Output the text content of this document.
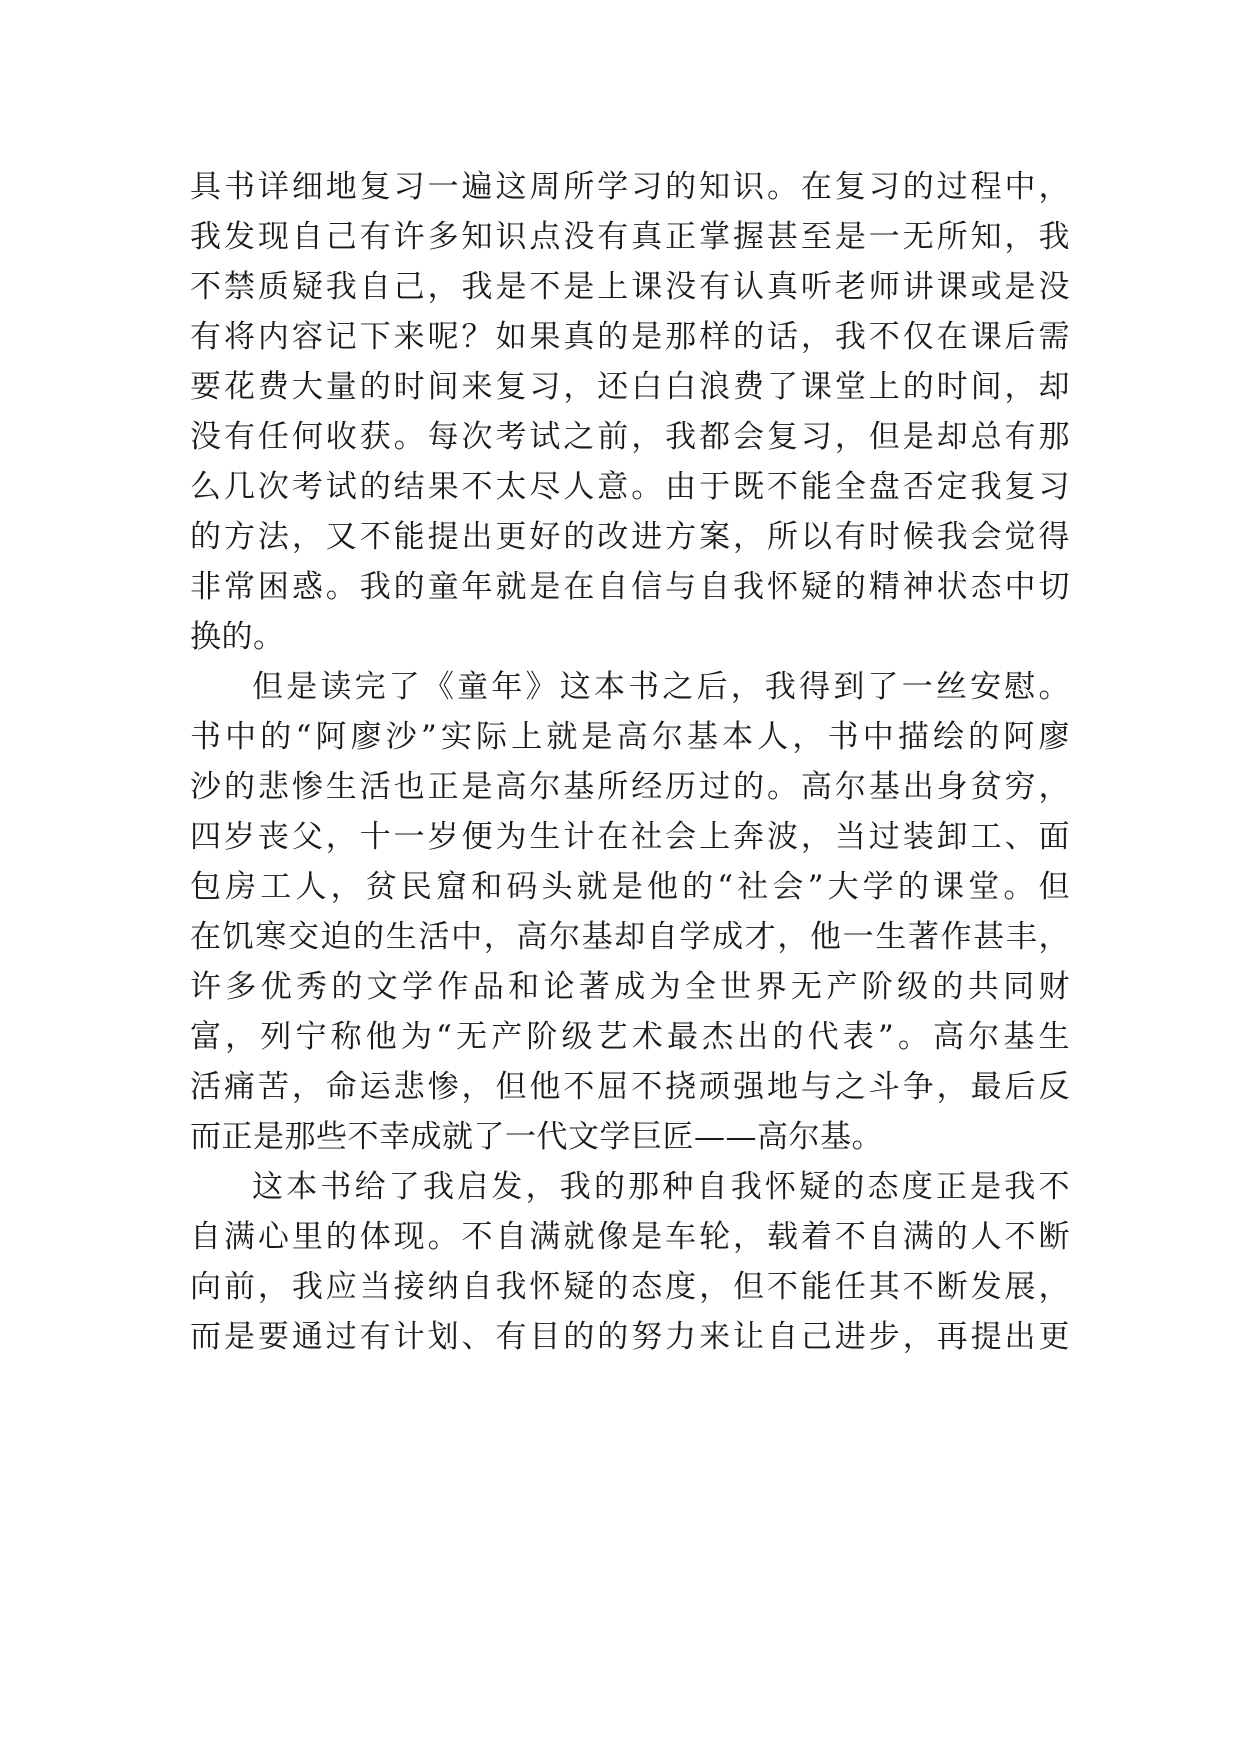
具书详细地复习一遍这周所学习的知识。在复习的过程中，
我发现自己有许多知识点没有真正掌握甚至是一无所知，我
不禁质疑我自己，我是不是上课没有认真听老师讲课或是没
有将内容记下来呢？如果真的是那样的话，我不仅在课后需
要花费大量的时间来复习，还白白浪费了课堂上的时间，却
没有任何收获。每次考试之前，我都会复习，但是却总有那
么几次考试的结果不太尽人意。由于既不能全盘否定我复习
的方法，又不能提出更好的改进方案，所以有时候我会觉得
非常困惑。我的童年就是在自信与自我怀疑的精神状态中切
换的。
但是读完了《童年》这本书之后，我得到了一丝安慰。
书中的“阿廖沙”实际上就是高尔基本人，书中描绘的阿廖
沙的悲惨生活也正是高尔基所经历过的。高尔基出身贫穷，
四岁丧父，十一岁便为生计在社会上奔波，当过装卸工、面
包房工人，贫民窟和码头就是他的“社会”大学的课堂。但
在饥寒交迫的生活中，高尔基却自学成才，他一生著作甚丰，
许多优秀的文学作品和论著成为全世界无产阶级的共同财
富，列宁称他为“无产阶级艺术最杰出的代表”。高尔基生
活痛苦，命运悲惨，但他不屈不挠顽强地与之斗争，最后反
而正是那些不幸成就了一代文学巨匠——高尔基。
这本书给了我启发，我的那种自我怀疑的态度正是我不
自满心里的体现。不自满就像是车轮，载着不自满的人不断
向前，我应当接纳自我怀疑的态度，但不能任其不断发展，
而是要通过有计划、有目的的努力来让自己进步，再提出更
